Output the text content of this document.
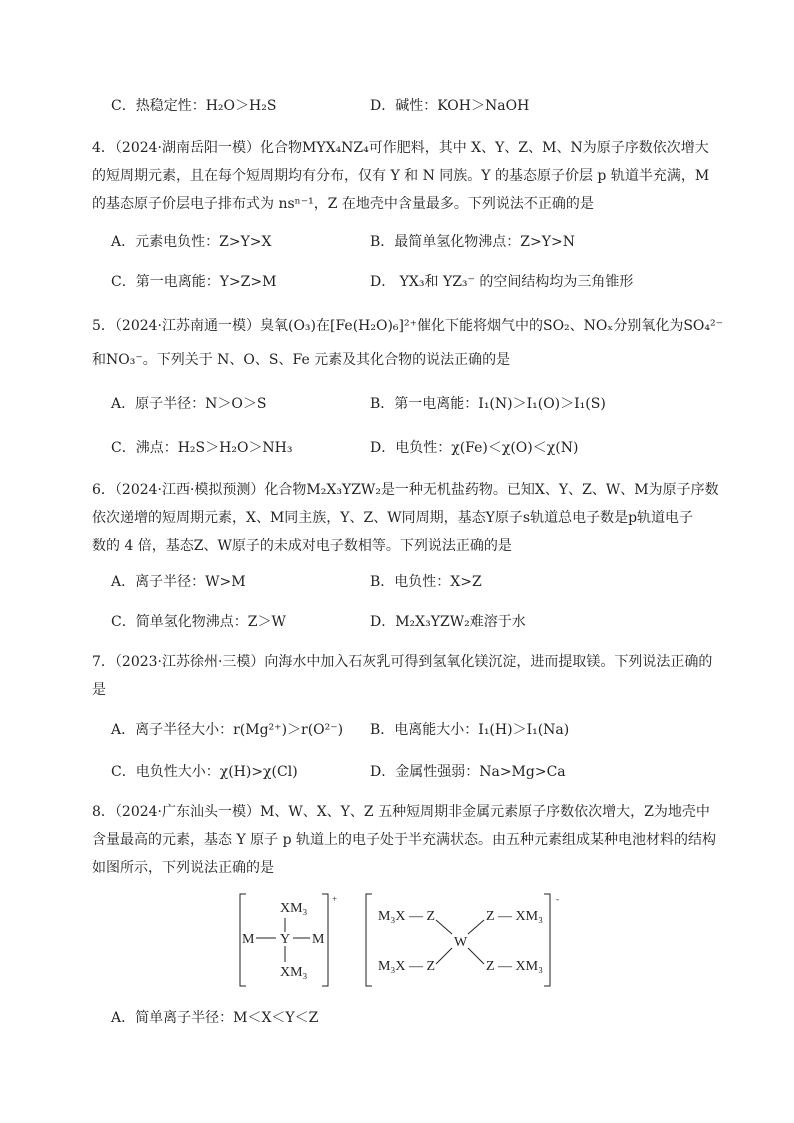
C．热稳定性：H₂O＞H₂S	D．碱性：KOH＞NaOH
4．（2024·湖南岳阳一模）化合物MYX₄NZ₄可作肥料，其中 X、Y、Z、M、N为原子序数依次增大
的短周期元素，且在每个短周期均有分布，仅有 Y 和 N 同族。Y 的基态原子价层 p 轨道半充满，M
的基态原子价层电子排布式为 nsⁿ⁻¹，Z 在地壳中含量最多。下列说法不正确的是
A．元素电负性：Z>Y>X	B．最简单氢化物沸点：Z>Y>N
C．第一电离能：Y>Z>M	D． YX₃和 YZ₃⁻ 的空间结构均为三角锥形
5．（2024·江苏南通一模）臭氧(O₃)在[Fe(H₂O)₆]²⁺催化下能将烟气中的SO₂、NOₓ分别氧化为SO₄²⁻
和NO₃⁻。下列关于 N、O、S、Fe 元素及其化合物的说法正确的是
A．原子半径：N＞O＞S	B．第一电离能：I₁(N)＞I₁(O)＞I₁(S)
C．沸点：H₂S＞H₂O＞NH₃	D．电负性：χ(Fe)＜χ(O)＜χ(N)
6．（2024·江西·模拟预测）化合物M₂X₃YZW₂是一种无机盐药物。已知X、Y、Z、W、M为原子序数
依次递增的短周期元素，X、M同主族，Y、Z、W同周期，基态Y原子s轨道总电子数是p轨道电子
数的 4 倍，基态Z、W原子的未成对电子数相等。下列说法正确的是
A．离子半径：W>M	B．电负性：X>Z
C．简单氢化物沸点：Z＞W	D．M₂X₃YZW₂难溶于水
7．（2023·江苏徐州·三模）向海水中加入石灰乳可得到氢氧化镁沉淀，进而提取镁。下列说法正确的
是
A．离子半径大小：r(Mg²⁺)＞r(O²⁻) B．电离能大小：I₁(H)＞I₁(Na)
C．电负性大小：χ(H)>χ(Cl)	D．金属性强弱：Na>Mg>Ca
8．（2024·广东汕头一模）M、W、X、Y、Z 五种短周期非金属元素原子序数依次增大，Z为地壳中
含量最高的元素，基态 Y 原子 p 轨道上的电子处于半充满状态。由五种元素组成某种电池材料的结构
如图所示，下列说法正确的是
+
XM₃
M Y M
XM₃
-
M₃X — Z
M₃X — Z
Z — XM₃
Z — XM₃
W
A．简单离子半径：M＜X＜Y＜Z
